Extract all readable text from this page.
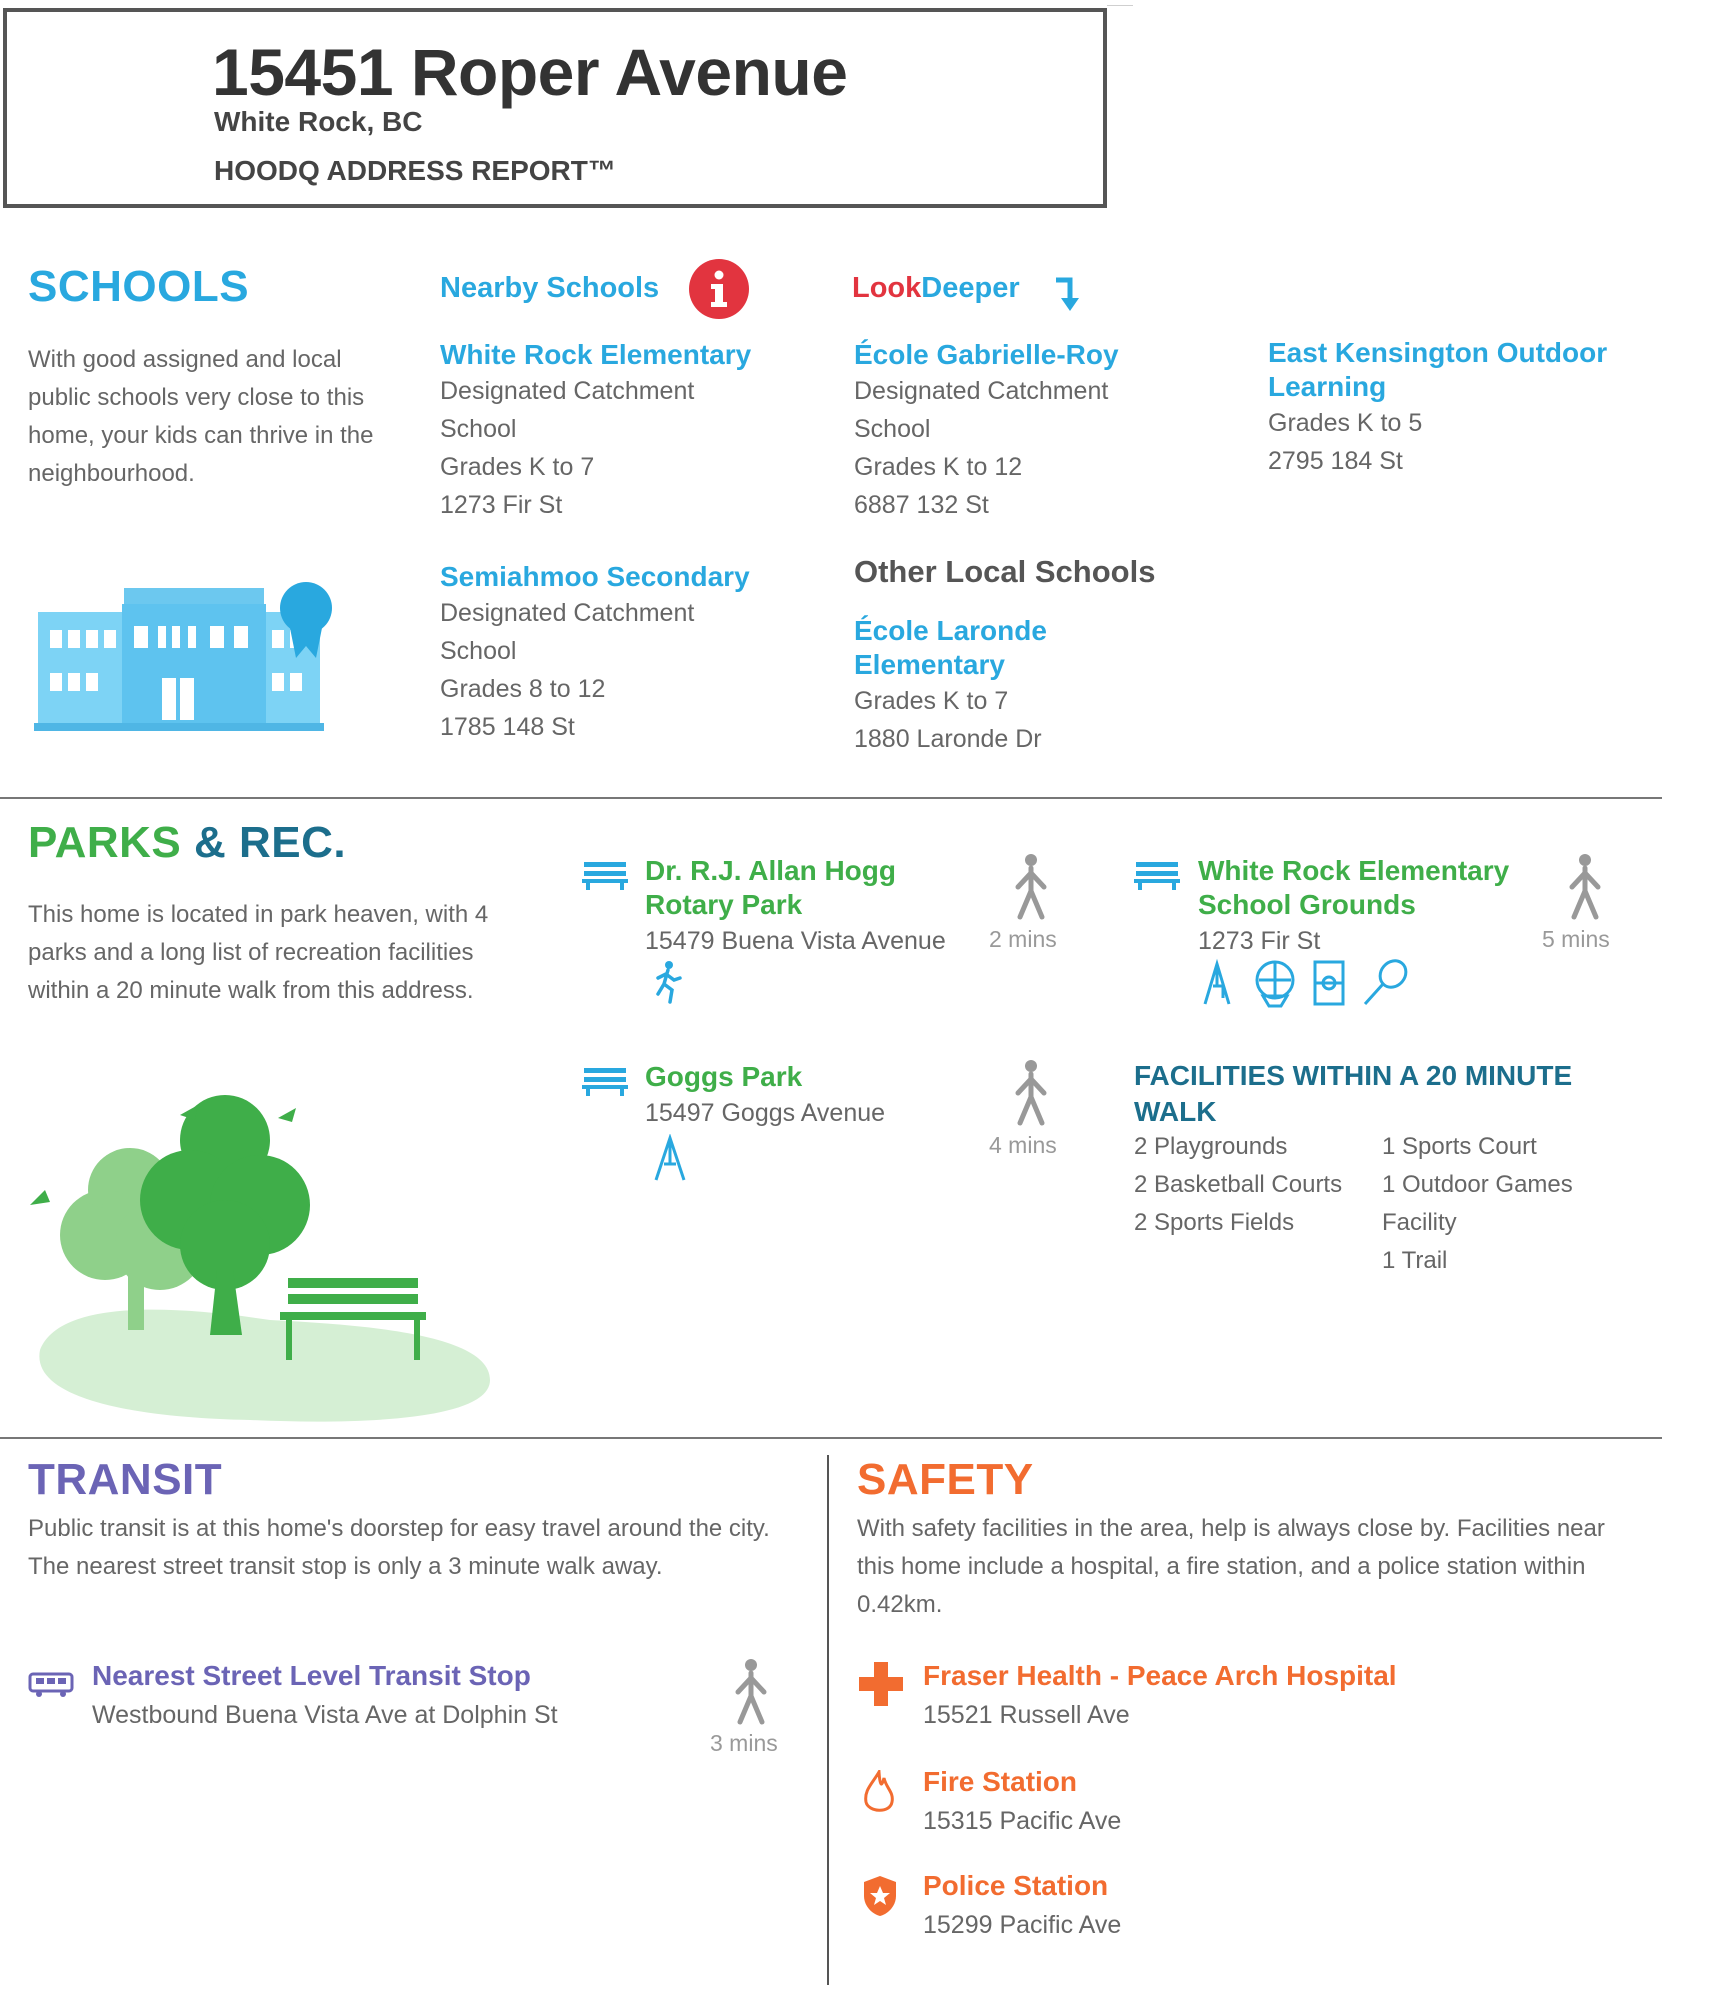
15451 Roper Avenue
White Rock, BC
HOODQ ADDRESS REPORT™
SCHOOLS
With good assigned and local public schools very close to this home, your kids can thrive in the neighbourhood.
Nearby Schools	LookDeeper
White Rock Elementary
Designated Catchment
School
Grades K to 7
1273 Fir St
École Gabrielle-Roy
Designated Catchment
School
Grades K to 12
6887 132 St
East Kensington Outdoor
Learning
Grades K to 5
2795 184 St
Semiahmoo Secondary
Designated Catchment
School
Grades 8 to 12
1785 148 St
Other Local Schools
École Laronde
Elementary
Grades K to 7
1880 Laronde Dr
PARKS & REC.
This home is located in park heaven, with 4 parks and a long list of recreation facilities within a 20 minute walk from this address.
Dr. R.J. Allan Hogg
Rotary Park
15479 Buena Vista Avenue 2 mins
White Rock Elementary
School Grounds
1273 Fir St	5 mins
Goggs Park
15497 Goggs Avenue
4 mins
FACILITIES WITHIN A 20 MINUTE
WALK
2 Playgrounds
2 Basketball Courts
2 Sports Fields
1 Sports Court
1 Outdoor Games
Facility
1 Trail
TRANSIT
Public transit is at this home's doorstep for easy travel around the city. The nearest street transit stop is only a 3 minute walk away.
Nearest Street Level Transit Stop
Westbound Buena Vista Ave at Dolphin St
3 mins
SAFETY
With safety facilities in the area, help is always close by. Facilities near this home include a hospital, a fire station, and a police station within 0.42km.
Fraser Health - Peace Arch Hospital
15521 Russell Ave
Fire Station
15315 Pacific Ave
Police Station
15299 Pacific Ave
